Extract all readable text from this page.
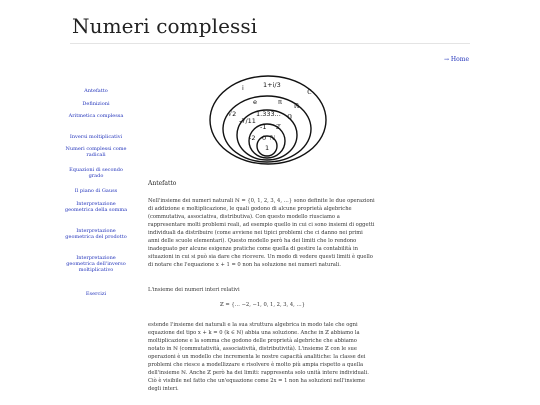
Numeri complessi
→ Home
Antefatto
Definizioni
Aritmetica complessa
Inversi moltiplicativi
Numeri complessi come radicali
Equazioni di secondo grado
Il piano di Gauss
Interpretazione geometrica della somma
Interpretazione geometrica del prodotto
Interpretazione geometrica dell'inverso moltiplicativo
Esercizi
i	1+i/3
ℂ
e	π ℝ
√2	1.333... ℚ
-7/11
-1 ℤ
-2 0 ℕ
1
Antefatto
Nell'insieme dei numeri naturali ℕ = {0, 1, 2, 3, 4, …} sono definite le due operazioni
di addizione e moltiplicazione, le quali godono di alcune proprietà algebriche
(commutativa, associativa, distributiva). Con questo modello riusciamo a
rappresentare molti problemi reali, ad esempio quello in cui ci sono insiemi di oggetti
individuali da distribuire (come avviene nei tipici problemi che ci danno nei primi
anni delle scuole elementari). Questo modello però ha dei limiti che lo rendono
inadeguato per alcune esigenze pratiche come quella di gestire la contabilità in
situazioni in cui si può sia dare che ricevere. Un modo di vedere questi limiti è quello
di notare che l'equazione x + 1 = 0 non ha soluzione nei numeri naturali.
L'insieme dei numeri interi relativi
ℤ = {… −2, −1, 0, 1, 2, 3, 4, …}
estende l'insieme dei naturali e la sua struttura algebrica in modo tale che ogni
equazione del tipo x + k = 0 (k ∈ ℕ) abbia una soluzione. Anche in ℤ abbiamo la
moltiplicazione e la somma che godono delle proprietà algebriche che abbiamo
notato in ℕ (commutatività, associatività, distributività). L'insieme ℤ con le sue
operazioni è un modello che incrementa le nostre capacità analitiche: la classe dei
problemi che riesce a modellizzare e risolvere è molto più ampia rispetto a quella
dell'insieme ℕ. Anche ℤ però ha dei limiti: rappresenta solo unità intere individuali.
Ciò è visibile nel fatto che un'equazione come 2x = 1 non ha soluzioni nell'insieme
degli interi.
